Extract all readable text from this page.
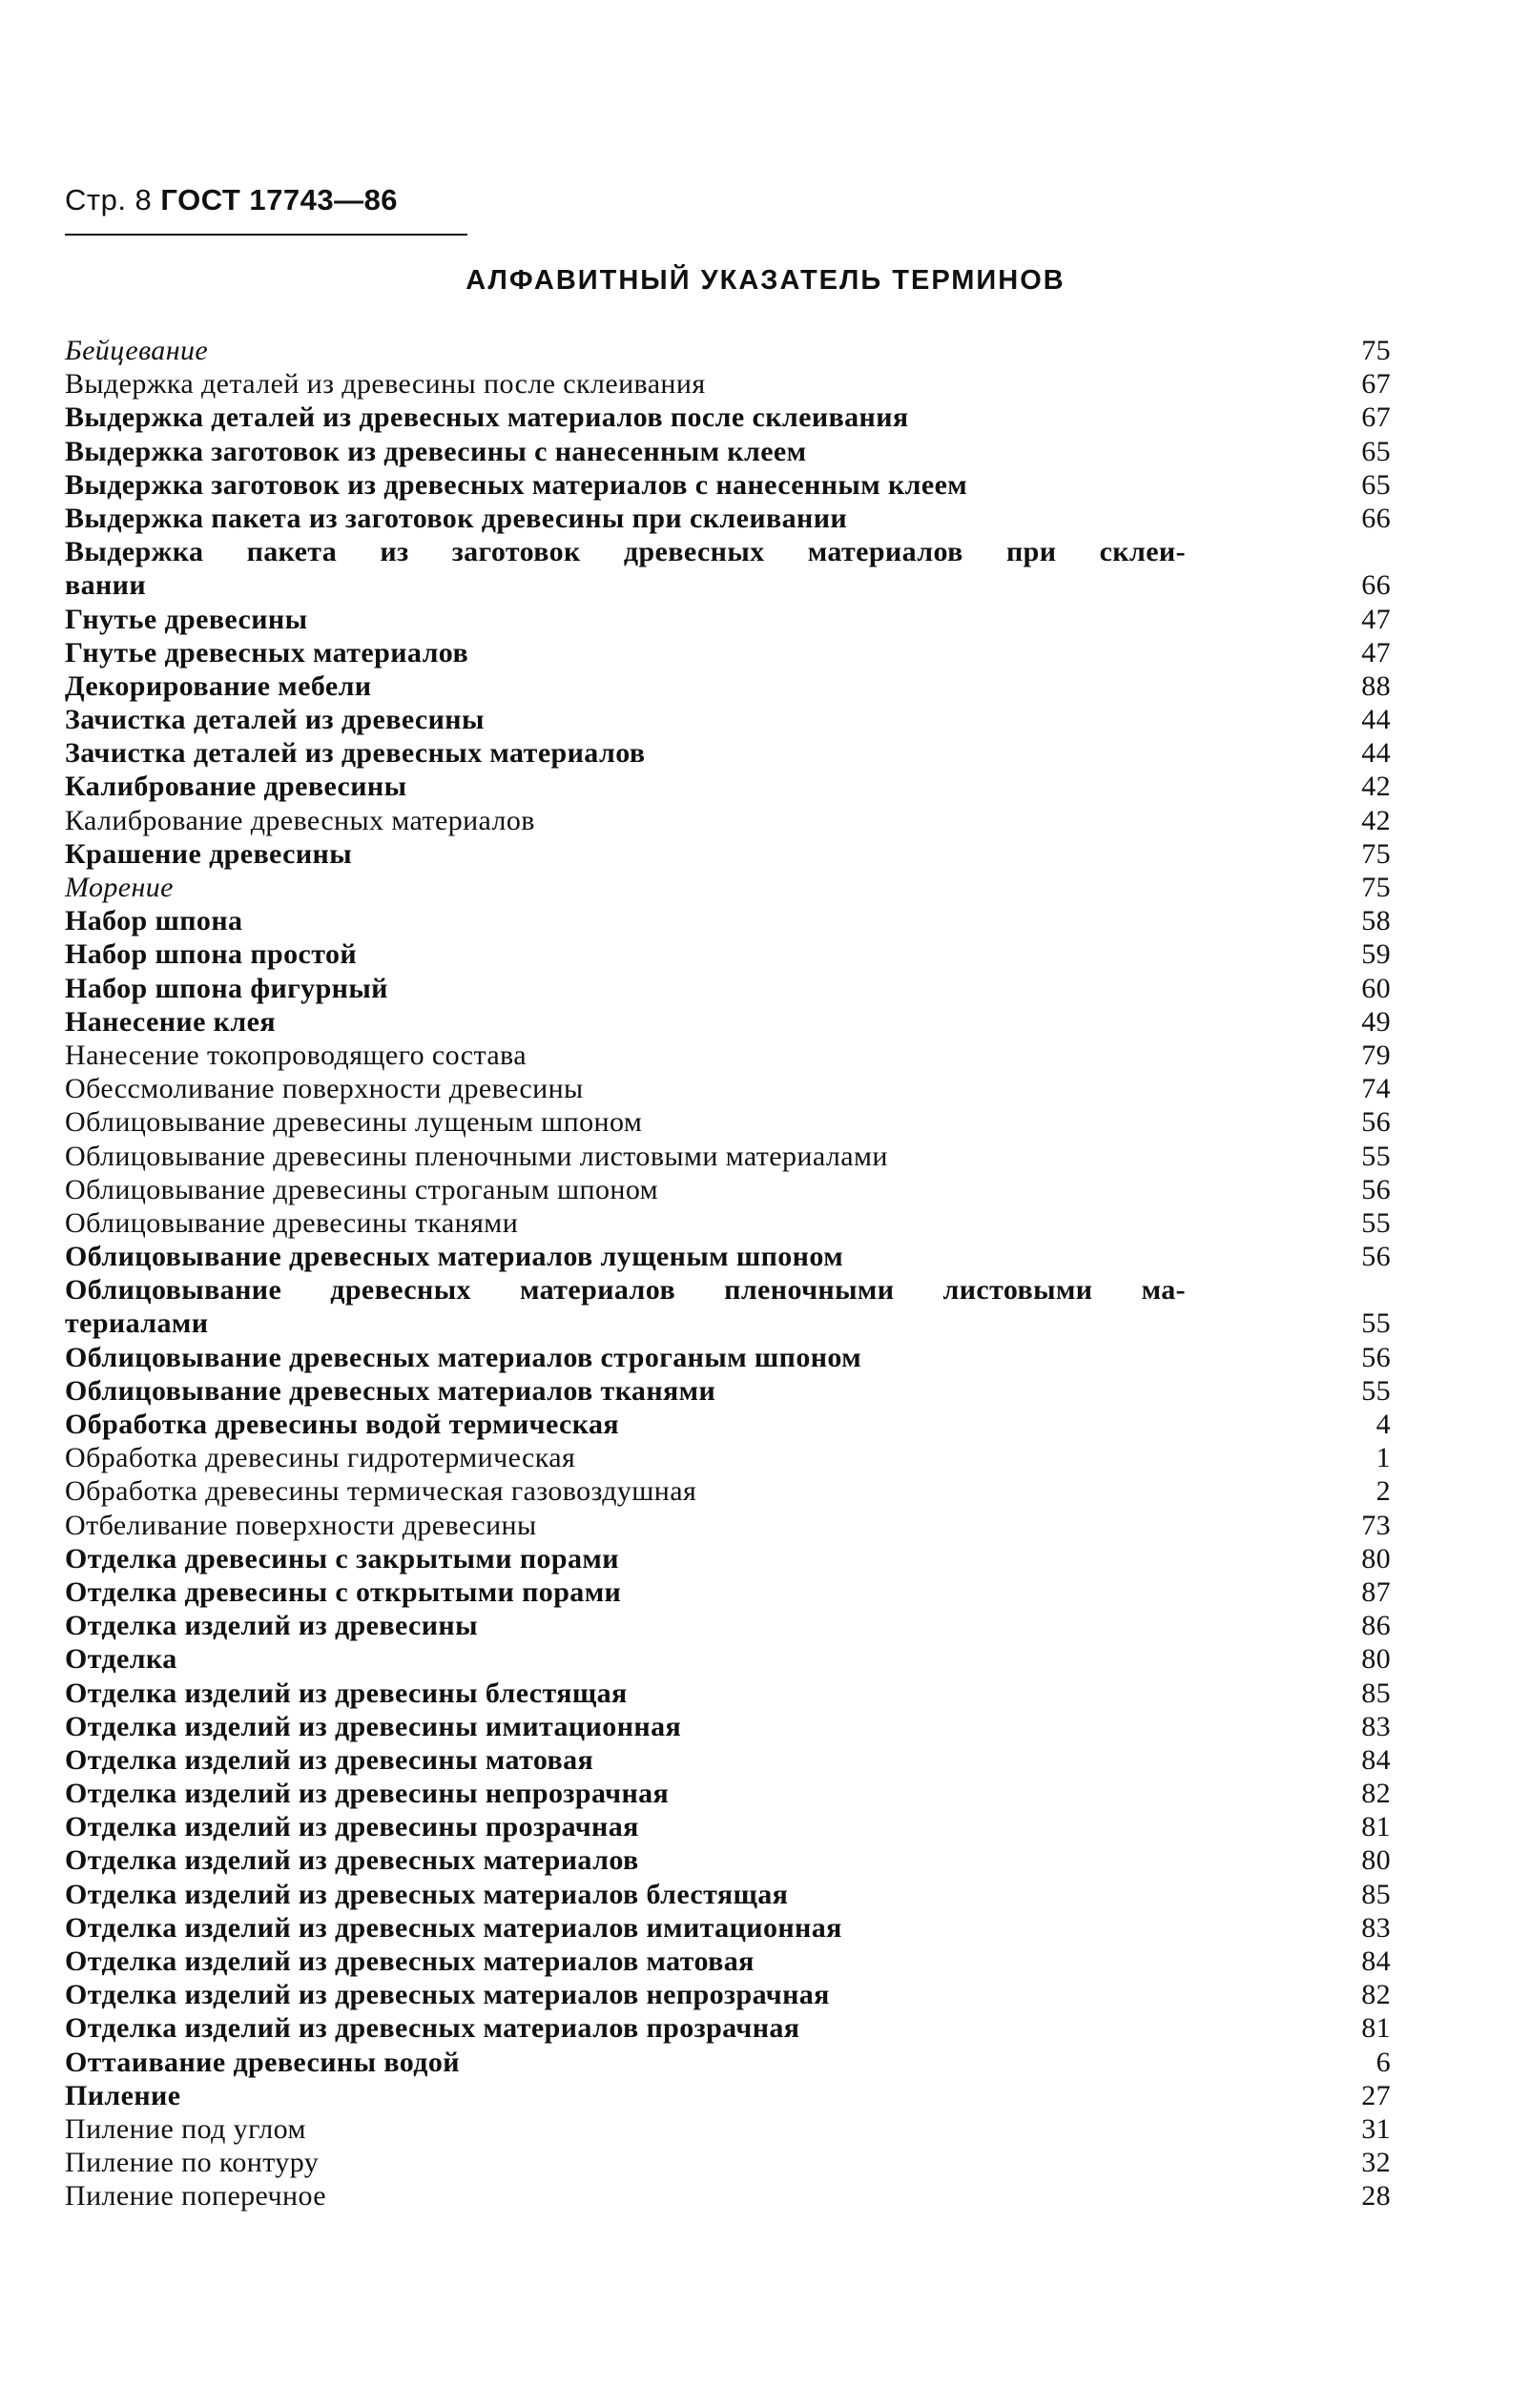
Стр. 8 ГОСТ 17743—86
АЛФАВИТНЫЙ УКАЗАТЕЛЬ ТЕРМИНОВ
Бейцевание	75
Выдержка деталей из древесины после склеивания	67
Выдержка деталей из древесных материалов после склеивания	67
Выдержка заготовок из древесины с нанесенным клеем	65
Выдержка заготовок из древесных материалов с нанесенным клеем	65
Выдержка пакета из заготовок древесины при склеивании	66
Выдержка пакета из заготовок древесных материалов при склеи-
вании	66
Гнутье древесины	47
Гнутье древесных материалов	47
Декорирование мебели	88
Зачистка деталей из древесины	44
Зачистка деталей из древесных материалов	44
Калибрование древесины	42
Калибрование древесных материалов	42
Крашение древесины	75
Морение	75
Набор шпона	58
Набор шпона простой	59
Набор шпона фигурный	60
Нанесение клея	49
Нанесение токопроводящего состава	79
Обессмоливание поверхности древесины	74
Облицовывание древесины лущеным шпоном	56
Облицовывание древесины пленочными листовыми материалами	55
Облицовывание древесины строганым шпоном	56
Облицовывание древесины тканями	55
Облицовывание древесных материалов лущеным шпоном	56
Облицовывание древесных материалов пленочными листовыми ма-
териалами	55
Облицовывание древесных материалов строганым шпоном	56
Облицовывание древесных материалов тканями	55
Обработка древесины водой термическая	4
Обработка древесины гидротермическая	1
Обработка древесины термическая газовоздушная	2
Отбеливание поверхности древесины	73
Отделка древесины с закрытыми порами	80
Отделка древесины с открытыми порами	87
Отделка изделий из древесины	86
Отделка	80
Отделка изделий из древесины блестящая	85
Отделка изделий из древесины имитационная	83
Отделка изделий из древесины матовая	84
Отделка изделий из древесины непрозрачная	82
Отделка изделий из древесины прозрачная	81
Отделка изделий из древесных материалов	80
Отделка изделий из древесных материалов блестящая	85
Отделка изделий из древесных материалов имитационная	83
Отделка изделий из древесных материалов матовая	84
Отделка изделий из древесных материалов непрозрачная	82
Отделка изделий из древесных материалов прозрачная	81
Оттаивание древесины водой	6
Пиление	27
Пиление под углом	31
Пиление по контуру	32
Пиление поперечное	28
